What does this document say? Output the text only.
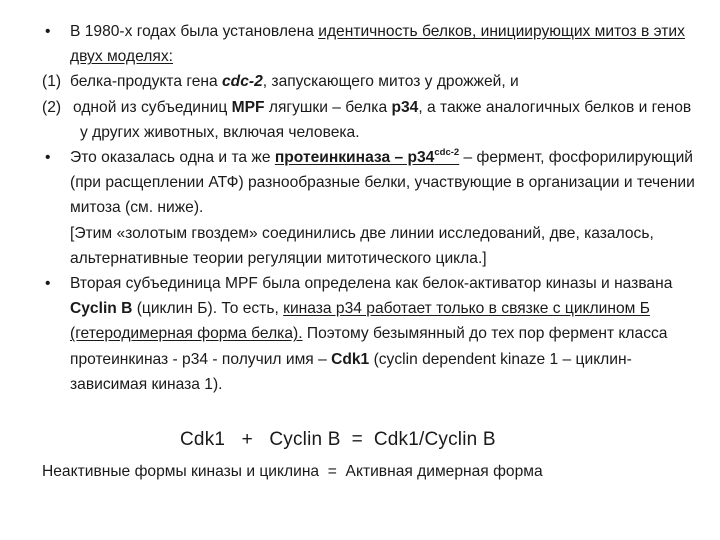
•	В 1980-х годах была установлена идентичность белков, инициирующих митоз в этих двух моделях:
(1) белка-продукта гена cdc-2, запускающего митоз у дрожжей, и
(2) одной из субъединиц MPF лягушки – белка р34, а также аналогичных белков и генов у других животных, включая человека.
•	Это оказалась одна и та же протеинкиназа – $р34^{cdc-2}$ – фермент, фосфорилирующий (при расщеплении АТФ) разнообразные белки, участвующие в организации и течении митоза (см. ниже).
[Этим «золотым гвоздем» соединились две линии исследований, две, казалось, альтернативные теории регуляции митотического цикла.]
•	Вторая субъединица MPF была определена как белок-активатор киназы и названа Cyclin B (циклин Б). То есть, киназа р34 работает только в связке с циклином Б (гетеродимерная форма белка). Поэтому безымянный до тех пор фермент класса протеинкиназ - р34 - получил имя – Cdk1 (cyclin dependent kinaze 1 – циклин-зависимая киназа 1).
Cdk1   +   Cyclin B  =  Cdk1/Cyclin B
Неактивные формы киназы и циклина  =  Активная димерная форма
